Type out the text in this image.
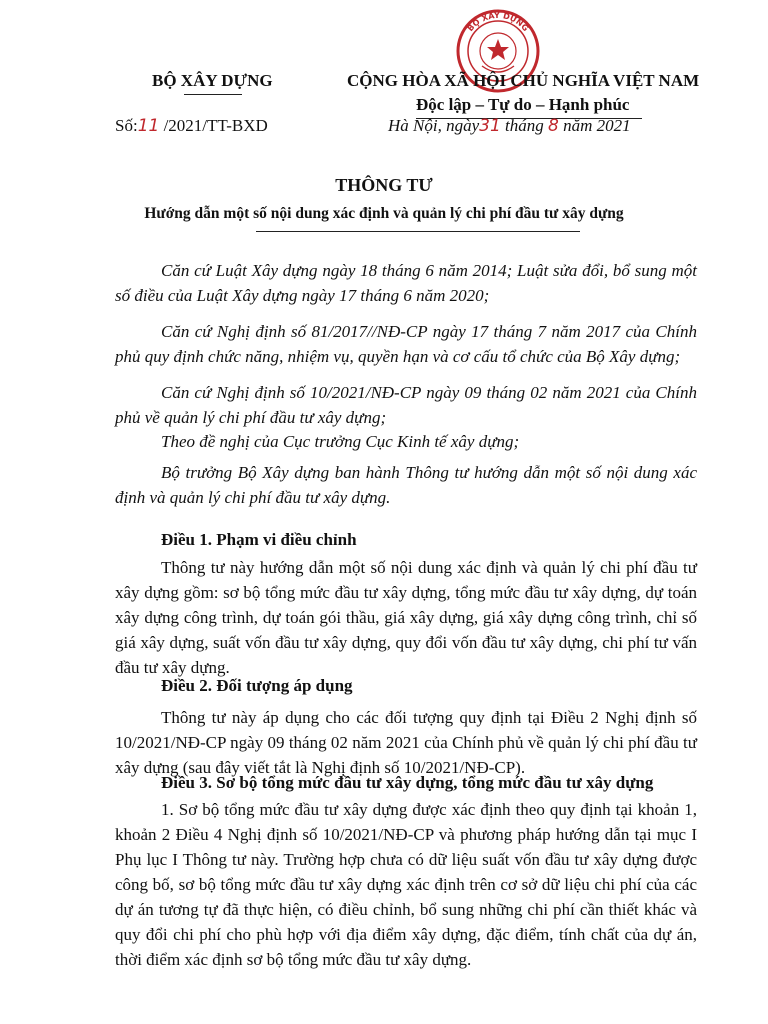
BỘ XÂY DỰNG
BỘ XÂY DỰNG	CỘNG HÒA XÃ HỘI CHỦ NGHĨA VIỆT NAM
Độc lập – Tự do – Hạnh phúc
Số:11 /2021/TT-BXD	Hà Nội, ngày31 tháng 8 năm 2021
THÔNG TƯ
Hướng dẫn một số nội dung xác định và quản lý chi phí đầu tư xây dựng
Căn cứ Luật Xây dựng ngày 18 tháng 6 năm 2014; Luật sửa đổi, bổ sung một số điều của Luật Xây dựng ngày 17 tháng 6 năm 2020;
Căn cứ Nghị định số 81/2017//NĐ-CP ngày 17 tháng 7 năm 2017 của Chính phủ quy định chức năng, nhiệm vụ, quyền hạn và cơ cấu tổ chức của Bộ Xây dựng;
Căn cứ Nghị định số 10/2021/NĐ-CP ngày 09 tháng 02 năm 2021 của Chính phủ về quản lý chi phí đầu tư xây dựng;
Theo đề nghị của Cục trưởng Cục Kinh tế xây dựng;
Bộ trưởng Bộ Xây dựng ban hành Thông tư hướng dẫn một số nội dung xác định và quản lý chi phí đầu tư xây dựng.
Điều 1. Phạm vi điều chỉnh
Thông tư này hướng dẫn một số nội dung xác định và quản lý chi phí đầu tư xây dựng gồm: sơ bộ tổng mức đầu tư xây dựng, tổng mức đầu tư xây dựng, dự toán xây dựng công trình, dự toán gói thầu, giá xây dựng, giá xây dựng công trình, chỉ số giá xây dựng, suất vốn đầu tư xây dựng, quy đổi vốn đầu tư xây dựng, chi phí tư vấn đầu tư xây dựng.
Điều 2. Đối tượng áp dụng
Thông tư này áp dụng cho các đối tượng quy định tại Điều 2 Nghị định số 10/2021/NĐ-CP ngày 09 tháng 02 năm 2021 của Chính phủ về quản lý chi phí đầu tư xây dựng (sau đây viết tắt là Nghị định số 10/2021/NĐ-CP).
Điều 3. Sơ bộ tổng mức đầu tư xây dựng, tổng mức đầu tư xây dựng
1. Sơ bộ tổng mức đầu tư xây dựng được xác định theo quy định tại khoản 1, khoản 2 Điều 4 Nghị định số 10/2021/NĐ-CP và phương pháp hướng dẫn tại mục I Phụ lục I Thông tư này. Trường hợp chưa có dữ liệu suất vốn đầu tư xây dựng được công bố, sơ bộ tổng mức đầu tư xây dựng xác định trên cơ sở dữ liệu chi phí của các dự án tương tự đã thực hiện, có điều chỉnh, bổ sung những chi phí cần thiết khác và quy đổi chi phí cho phù hợp với địa điểm xây dựng, đặc điểm, tính chất của dự án, thời điểm xác định sơ bộ tổng mức đầu tư xây dựng.
